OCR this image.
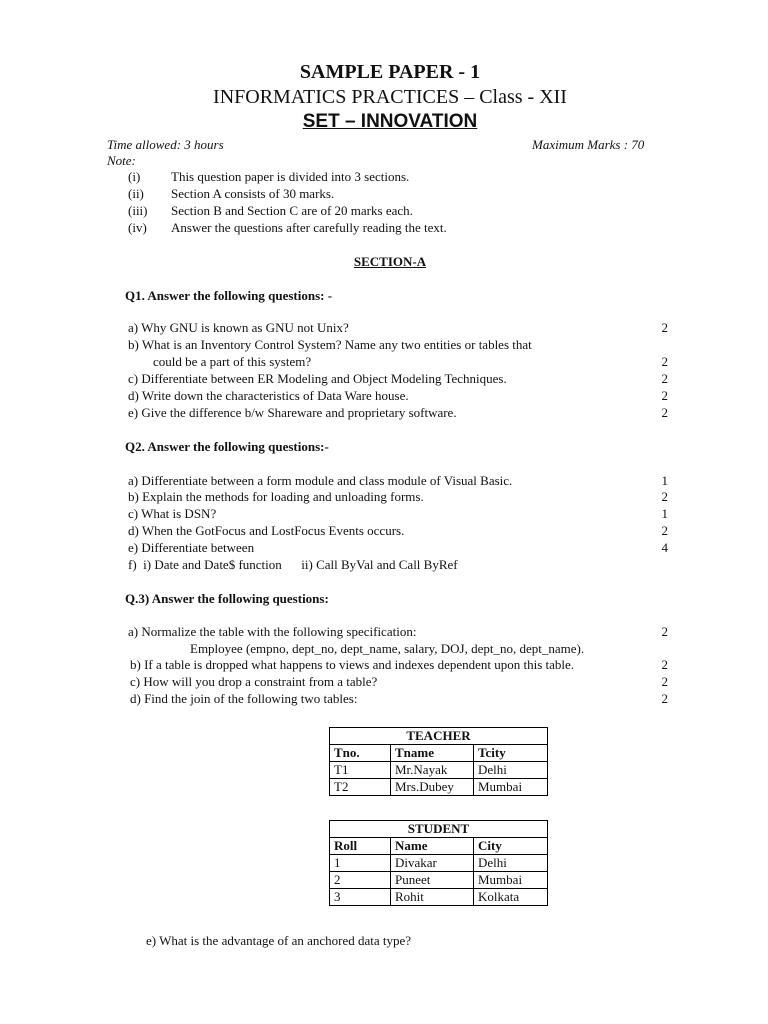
SAMPLE PAPER - 1
INFORMATICS PRACTICES – Class - XII
SET – INNOVATION
Time allowed: 3 hours	Maximum Marks : 70
Note:
(i) This question paper is divided into 3 sections.
(ii) Section A consists of 30 marks.
(iii) Section B and Section C are of 20 marks each.
(iv) Answer the questions after carefully reading the text.
SECTION-A
Q1. Answer the following questions: -
a) Why GNU is known as GNU not Unix?	2
b) What is an Inventory Control System? Name any two entities or tables that
could be a part of this system?	2
c) Differentiate between ER Modeling and Object Modeling Techniques.	2
d) Write down the characteristics of Data Ware house.	2
e) Give the difference b/w Shareware and proprietary software.	2
Q2. Answer the following questions:-
a) Differentiate between a form module and class module of Visual Basic.	1
b) Explain the methods for loading and unloading forms.	2
c) What is DSN?	1
d) When the GotFocus and LostFocus Events occurs.	2
e) Differentiate between	4
f)  i) Date and Date$ function      ii) Call ByVal and Call ByRef
Q.3) Answer the following questions:
a) Normalize the table with the following specification:	2
Employee (empno, dept_no, dept_name, salary, DOJ, dept_no, dept_name).
b) If a table is dropped what happens to views and indexes dependent upon this table.	2
c) How will you drop a constraint from a table?	2
d) Find the join of the following two tables:	2
TEACHER		
Tno.	Tname	Tcity
T1	Mr.Nayak	Delhi
T2	Mrs.Dubey	Mumbai
STUDENT		
Roll	Name	City
1	Divakar	Delhi
2	Puneet	Mumbai
3	Rohit	Kolkata
e) What is the advantage of an anchored data type?
